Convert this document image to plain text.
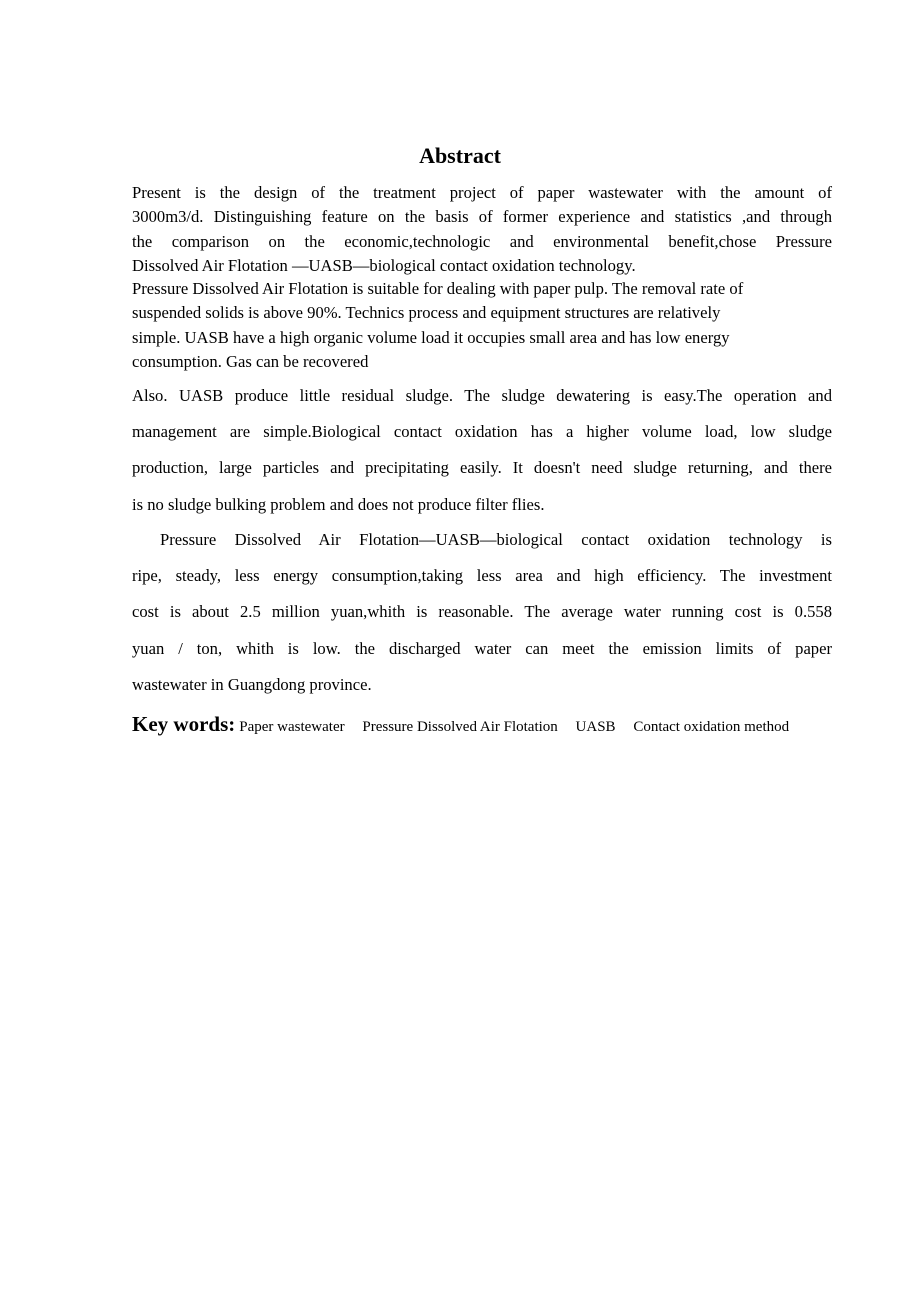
Abstract
Present is the design of the treatment project of paper wastewater with the amount of
3000m3/d. Distinguishing feature on the basis of former experience and statistics ,and through
the comparison on the economic,technologic and environmental benefit,chose Pressure
Dissolved Air Flotation —UASB—biological contact oxidation technology.
Pressure Dissolved Air Flotation is suitable for dealing with paper pulp. The removal rate of
suspended solids is above 90%. Technics process and equipment structures are relatively
simple. UASB have a high organic volume load it occupies small area and has low energy
consumption. Gas can be recovered
Also. UASB produce little residual sludge. The sludge dewatering is easy.The operation and
management are simple.Biological contact oxidation has a higher volume load, low sludge
production, large particles and precipitating easily. It doesn't need sludge returning, and there
is no sludge bulking problem and does not produce filter flies.
Pressure Dissolved Air Flotation—UASB—biological contact oxidation technology is
ripe, steady, less energy consumption,taking less area and high efficiency. The investment
cost is about 2.5 million yuan,whith is reasonable. The average water running cost is 0.558
yuan / ton, whith is low. the discharged water can meet the emission limits of paper
wastewater in Guangdong province.
Key words: Paper wastewater Pressure Dissolved Air Flotation UASB Contact oxidation method
